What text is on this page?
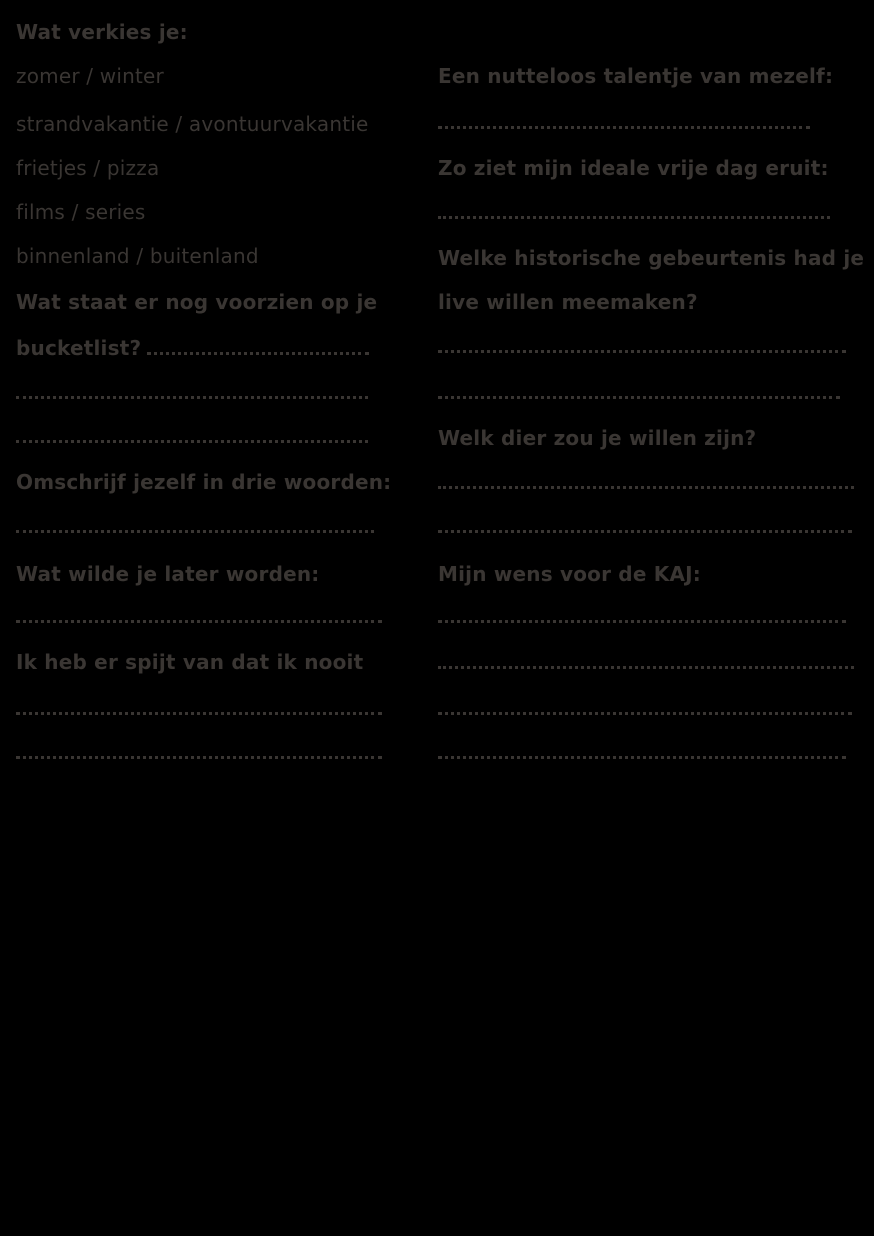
Wat verkies je:
zomer / winter
strandvakantie / avontuurvakantie
frietjes / pizza
films / series
binnenland / buitenland
Wat staat er nog voorzien op je
bucketlist?
Omschrijf jezelf in drie woorden:
Wat wilde je later worden:
Ik heb er spijt van dat ik nooit
Een nutteloos talentje van mezelf:
Zo ziet mijn ideale vrije dag eruit:
Welke historische gebeurtenis had je
live willen meemaken?
Welk dier zou je willen zijn?
Mijn wens voor de KAJ:
